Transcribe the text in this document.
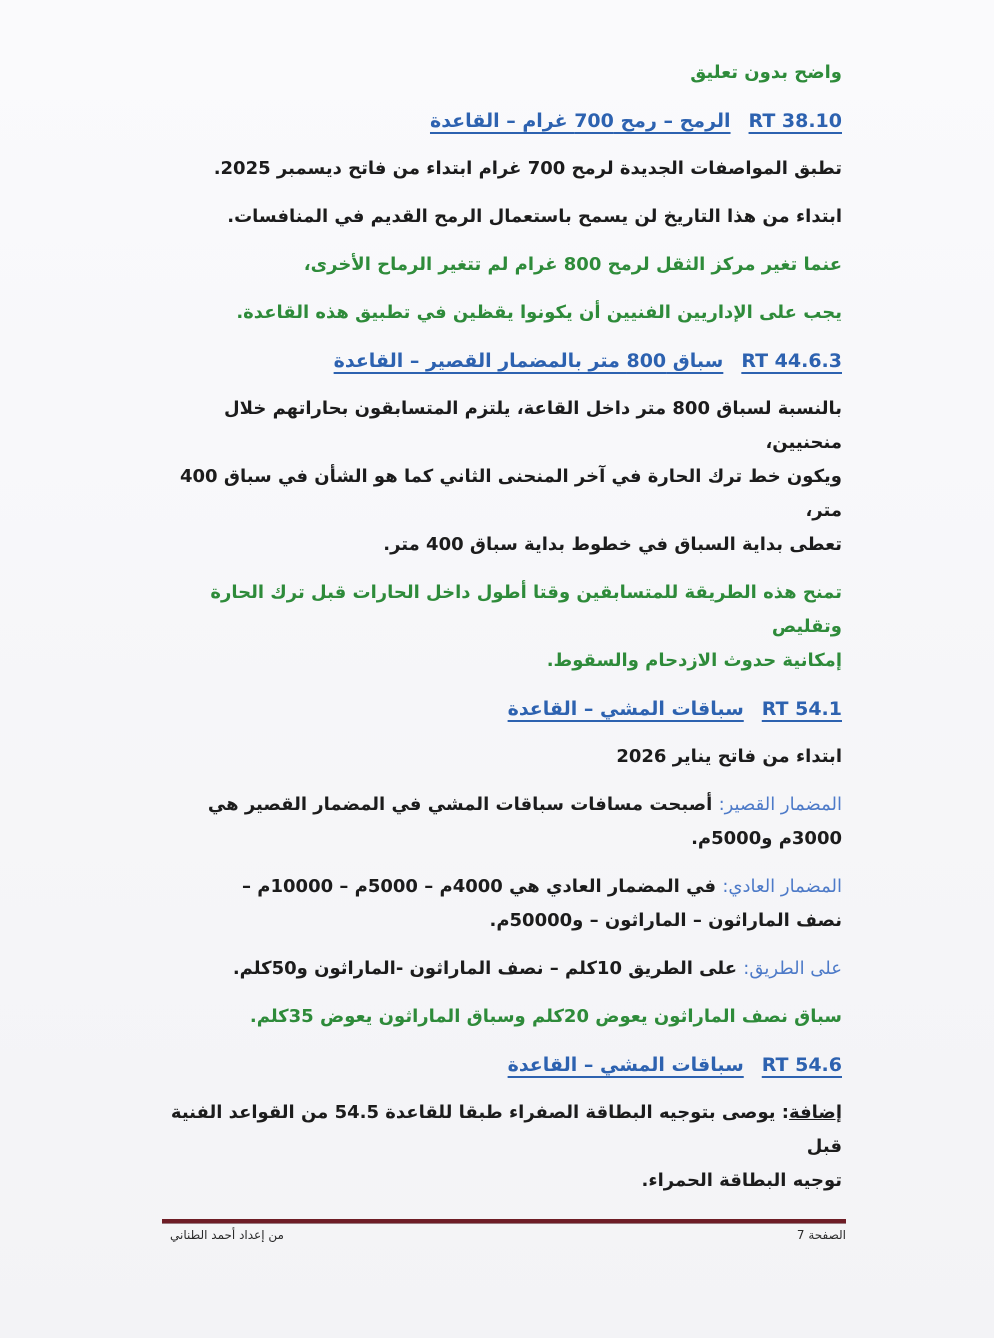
واضح بدون تعليق

RT 38.10الرمح – رمح 700 غرام – القاعدة

تطبق المواصفات الجديدة لرمح 700 غرام ابتداء من فاتح ديسمبر 2025.

ابتداء من هذا التاريخ لن يسمح باستعمال الرمح القديم في المنافسات.

عنما تغير مركز الثقل لرمح 800 غرام لم تتغير الرماح الأخرى،

يجب على الإداريين الفنيين أن يكونوا يقظين في تطبيق هذه القاعدة.

RT 44.6.3سباق 800 متر بالمضمار القصير – القاعدة

بالنسبة لسباق 800 متر داخل القاعة، يلتزم المتسابقون بحاراتهم خلال منحنيين،

ويكون خط ترك الحارة في آخر المنحنى الثاني كما هو الشأن في سباق 400 متر،

تعطى بداية السباق في خطوط بداية سباق 400 متر.

تمنح هذه الطريقة للمتسابقين وقتا أطول داخل الحارات قبل ترك الحارة وتقليص

إمكانية حدوث الازدحام والسقوط.

RT 54.1سباقات المشي – القاعدة

ابتداء من فاتح يناير 2026

المضمار القصير: أصبحت مسافات سباقات المشي في المضمار القصير هي

3000م و5000م.

المضمار العادي: في المضمار العادي هي 4000م – 5000م – 10000م –

نصف الماراثون – الماراثون – و50000م.

على الطريق: على الطريق 10كلم – نصف الماراثون -الماراثون و50كلم.

سباق نصف الماراثون يعوض 20كلم وسباق الماراثون يعوض 35كلم.

RT 54.6سباقات المشي – القاعدة

إضافة: يوصى بتوجيه البطاقة الصفراء طبقا للقاعدة 54.5 من القواعد الفنية قبل

توجيه البطاقة الحمراء.

الصفحة 7
من إعداد أحمد الطناني
